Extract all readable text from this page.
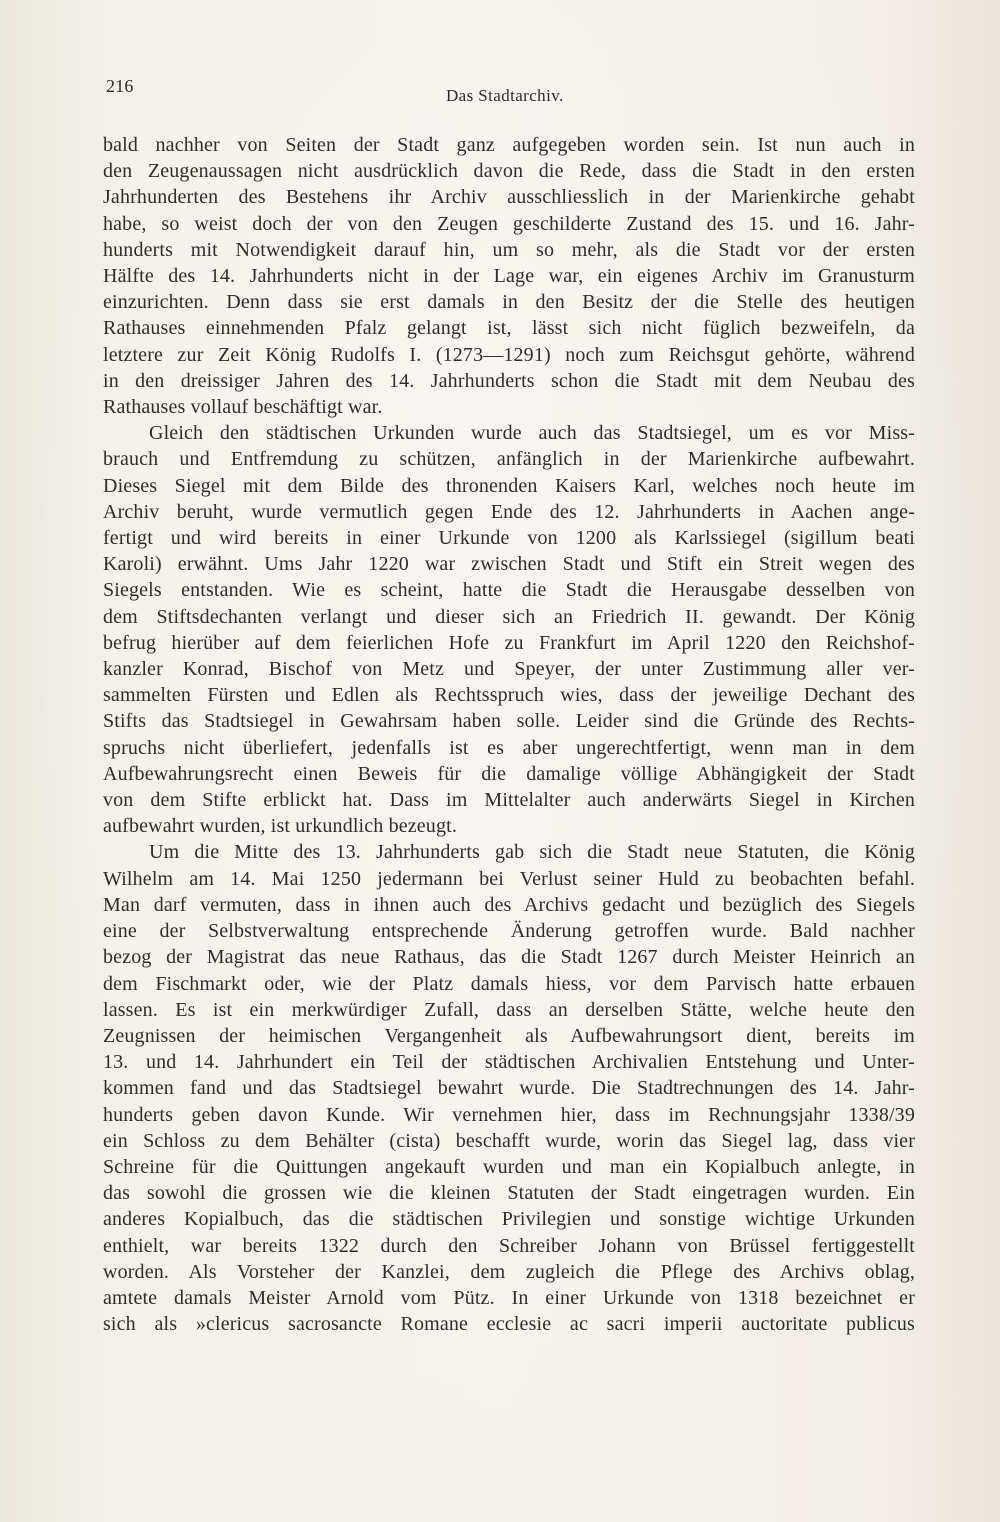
216	Das Stadtarchiv.

bald nachher von Seiten der Stadt ganz aufgegeben worden sein. Ist nun auch in
den Zeugenaussagen nicht ausdrücklich davon die Rede, dass die Stadt in den ersten
Jahrhunderten des Bestehens ihr Archiv ausschliesslich in der Marienkirche gehabt
habe, so weist doch der von den Zeugen geschilderte Zustand des 15. und 16. Jahr-
hunderts mit Notwendigkeit darauf hin, um so mehr, als die Stadt vor der ersten
Hälfte des 14. Jahrhunderts nicht in der Lage war, ein eigenes Archiv im Granusturm
einzurichten. Denn dass sie erst damals in den Besitz der die Stelle des heutigen
Rathauses einnehmenden Pfalz gelangt ist, lässt sich nicht füglich bezweifeln, da
letztere zur Zeit König Rudolfs I. (1273—1291) noch zum Reichsgut gehörte, während
in den dreissiger Jahren des 14. Jahrhunderts schon die Stadt mit dem Neubau des
Rathauses vollauf beschäftigt war.

Gleich den städtischen Urkunden wurde auch das Stadtsiegel, um es vor Miss-
brauch und Entfremdung zu schützen, anfänglich in der Marienkirche aufbewahrt.
Dieses Siegel mit dem Bilde des thronenden Kaisers Karl, welches noch heute im
Archiv beruht, wurde vermutlich gegen Ende des 12. Jahrhunderts in Aachen ange-
fertigt und wird bereits in einer Urkunde von 1200 als Karlssiegel (sigillum beati
Karoli) erwähnt. Ums Jahr 1220 war zwischen Stadt und Stift ein Streit wegen des
Siegels entstanden. Wie es scheint, hatte die Stadt die Herausgabe desselben von
dem Stiftsdechanten verlangt und dieser sich an Friedrich II. gewandt. Der König
befrug hierüber auf dem feierlichen Hofe zu Frankfurt im April 1220 den Reichshof-
kanzler Konrad, Bischof von Metz und Speyer, der unter Zustimmung aller ver-
sammelten Fürsten und Edlen als Rechtsspruch wies, dass der jeweilige Dechant des
Stifts das Stadtsiegel in Gewahrsam haben solle. Leider sind die Gründe des Rechts-
spruchs nicht überliefert, jedenfalls ist es aber ungerechtfertigt, wenn man in dem
Aufbewahrungsrecht einen Beweis für die damalige völlige Abhängigkeit der Stadt
von dem Stifte erblickt hat. Dass im Mittelalter auch anderwärts Siegel in Kirchen
aufbewahrt wurden, ist urkundlich bezeugt.

Um die Mitte des 13. Jahrhunderts gab sich die Stadt neue Statuten, die König
Wilhelm am 14. Mai 1250 jedermann bei Verlust seiner Huld zu beobachten befahl.
Man darf vermuten, dass in ihnen auch des Archivs gedacht und bezüglich des Siegels
eine der Selbstverwaltung entsprechende Änderung getroffen wurde. Bald nachher
bezog der Magistrat das neue Rathaus, das die Stadt 1267 durch Meister Heinrich an
dem Fischmarkt oder, wie der Platz damals hiess, vor dem Parvisch hatte erbauen
lassen. Es ist ein merkwürdiger Zufall, dass an derselben Stätte, welche heute den
Zeugnissen der heimischen Vergangenheit als Aufbewahrungsort dient, bereits im
13. und 14. Jahrhundert ein Teil der städtischen Archivalien Entstehung und Unter-
kommen fand und das Stadtsiegel bewahrt wurde. Die Stadtrechnungen des 14. Jahr-
hunderts geben davon Kunde. Wir vernehmen hier, dass im Rechnungsjahr 1338/39
ein Schloss zu dem Behälter (cista) beschafft wurde, worin das Siegel lag, dass vier
Schreine für die Quittungen angekauft wurden und man ein Kopialbuch anlegte, in
das sowohl die grossen wie die kleinen Statuten der Stadt eingetragen wurden. Ein
anderes Kopialbuch, das die städtischen Privilegien und sonstige wichtige Urkunden
enthielt, war bereits 1322 durch den Schreiber Johann von Brüssel fertiggestellt
worden. Als Vorsteher der Kanzlei, dem zugleich die Pflege des Archivs oblag,
amtete damals Meister Arnold vom Pütz. In einer Urkunde von 1318 bezeichnet er
sich als »clericus sacrosancte Romane ecclesie ac sacri imperii auctoritate publicus
